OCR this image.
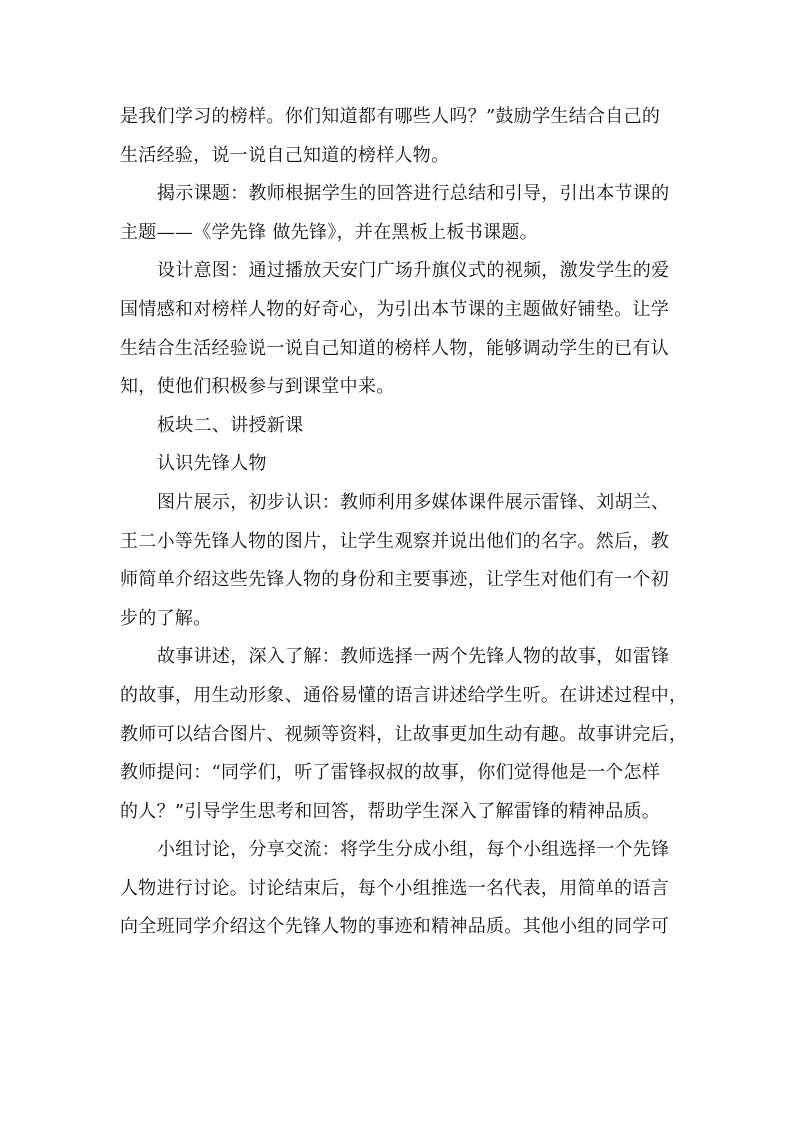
是我们学习的榜样。你们知道都有哪些人吗？”鼓励学生结合自己的
生活经验，说一说自己知道的榜样人物。
揭示课题：教师根据学生的回答进行总结和引导，引出本节课的
主题——《学先锋 做先锋》，并在黑板上板书课题。
设计意图：通过播放天安门广场升旗仪式的视频，激发学生的爱
国情感和对榜样人物的好奇心，为引出本节课的主题做好铺垫。让学
生结合生活经验说一说自己知道的榜样人物，能够调动学生的已有认
知，使他们积极参与到课堂中来。
板块二、讲授新课
认识先锋人物
图片展示，初步认识：教师利用多媒体课件展示雷锋、刘胡兰、
王二小等先锋人物的图片，让学生观察并说出他们的名字。然后，教
师简单介绍这些先锋人物的身份和主要事迹，让学生对他们有一个初
步的了解。
故事讲述，深入了解：教师选择一两个先锋人物的故事，如雷锋
的故事，用生动形象、通俗易懂的语言讲述给学生听。在讲述过程中，
教师可以结合图片、视频等资料，让故事更加生动有趣。故事讲完后，
教师提问：“同学们，听了雷锋叔叔的故事，你们觉得他是一个怎样
的人？”引导学生思考和回答，帮助学生深入了解雷锋的精神品质。
小组讨论，分享交流：将学生分成小组，每个小组选择一个先锋
人物进行讨论。讨论结束后，每个小组推选一名代表，用简单的语言
向全班同学介绍这个先锋人物的事迹和精神品质。其他小组的同学可
